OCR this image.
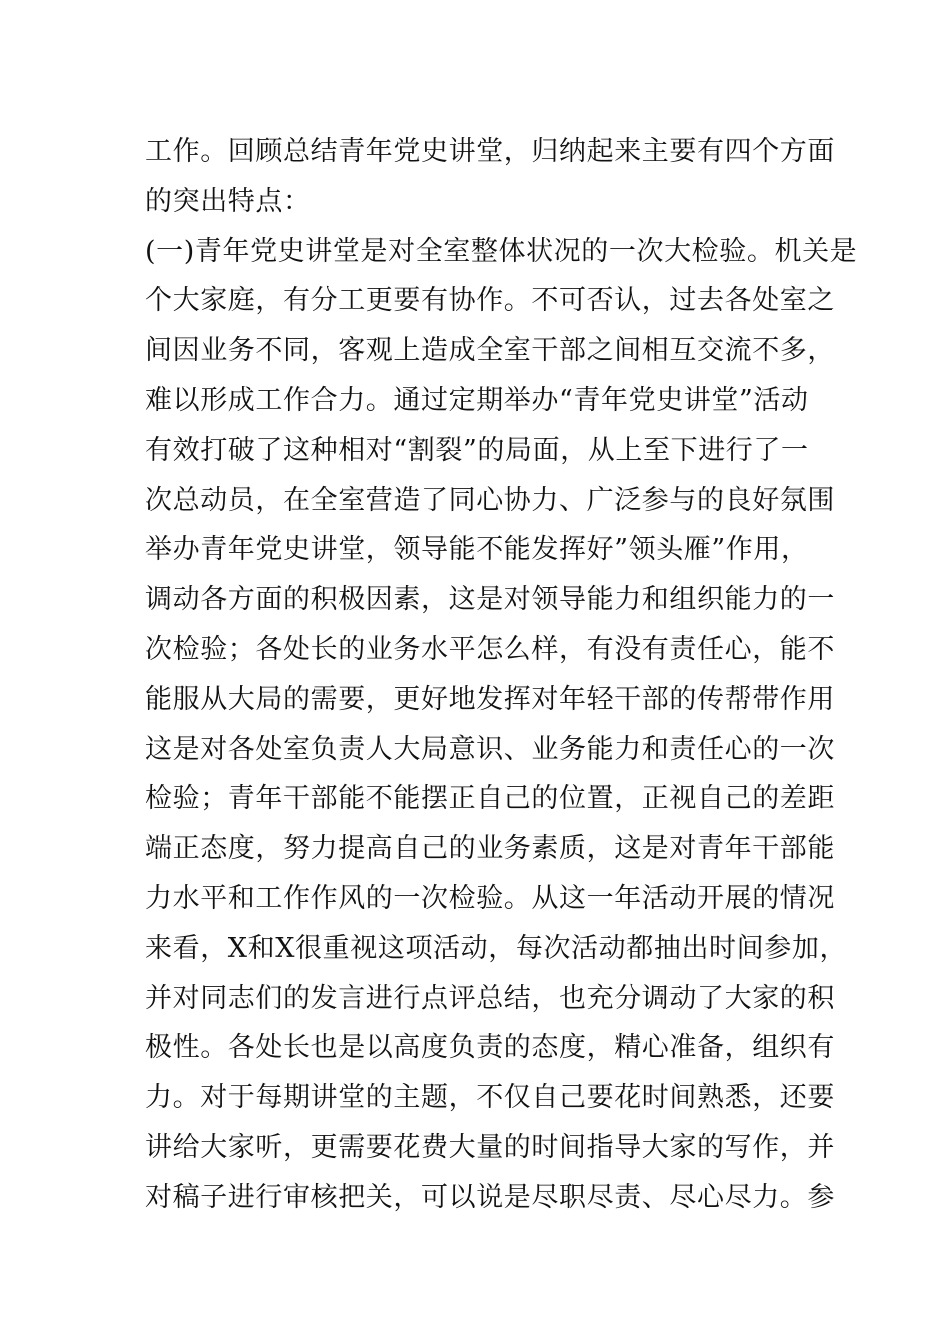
工作。回顾总结青年党史讲堂，归纳起来主要有四个方面
的突出特点：
(一)青年党史讲堂是对全室整体状况的一次大检验。机关是
个大家庭，有分工更要有协作。不可否认，过去各处室之
间因业务不同，客观上造成全室干部之间相互交流不多，
难以形成工作合力。通过定期举办“青年党史讲堂”活动
有效打破了这种相对“割裂”的局面，从上至下进行了一
次总动员，在全室营造了同心协力、广泛参与的良好氛围
举办青年党史讲堂，领导能不能发挥好”领头雁”作用，
调动各方面的积极因素，这是对领导能力和组织能力的一
次检验；各处长的业务水平怎么样，有没有责任心，能不
能服从大局的需要，更好地发挥对年轻干部的传帮带作用
这是对各处室负责人大局意识、业务能力和责任心的一次
检验；青年干部能不能摆正自己的位置，正视自己的差距
端正态度，努力提高自己的业务素质，这是对青年干部能
力水平和工作作风的一次检验。从这一年活动开展的情况
来看，X和X很重视这项活动，每次活动都抽出时间参加，
并对同志们的发言进行点评总结，也充分调动了大家的积
极性。各处长也是以高度负责的态度，精心准备，组织有
力。对于每期讲堂的主题，不仅自己要花时间熟悉，还要
讲给大家听，更需要花费大量的时间指导大家的写作，并
对稿子进行审核把关，可以说是尽职尽责、尽心尽力。参
